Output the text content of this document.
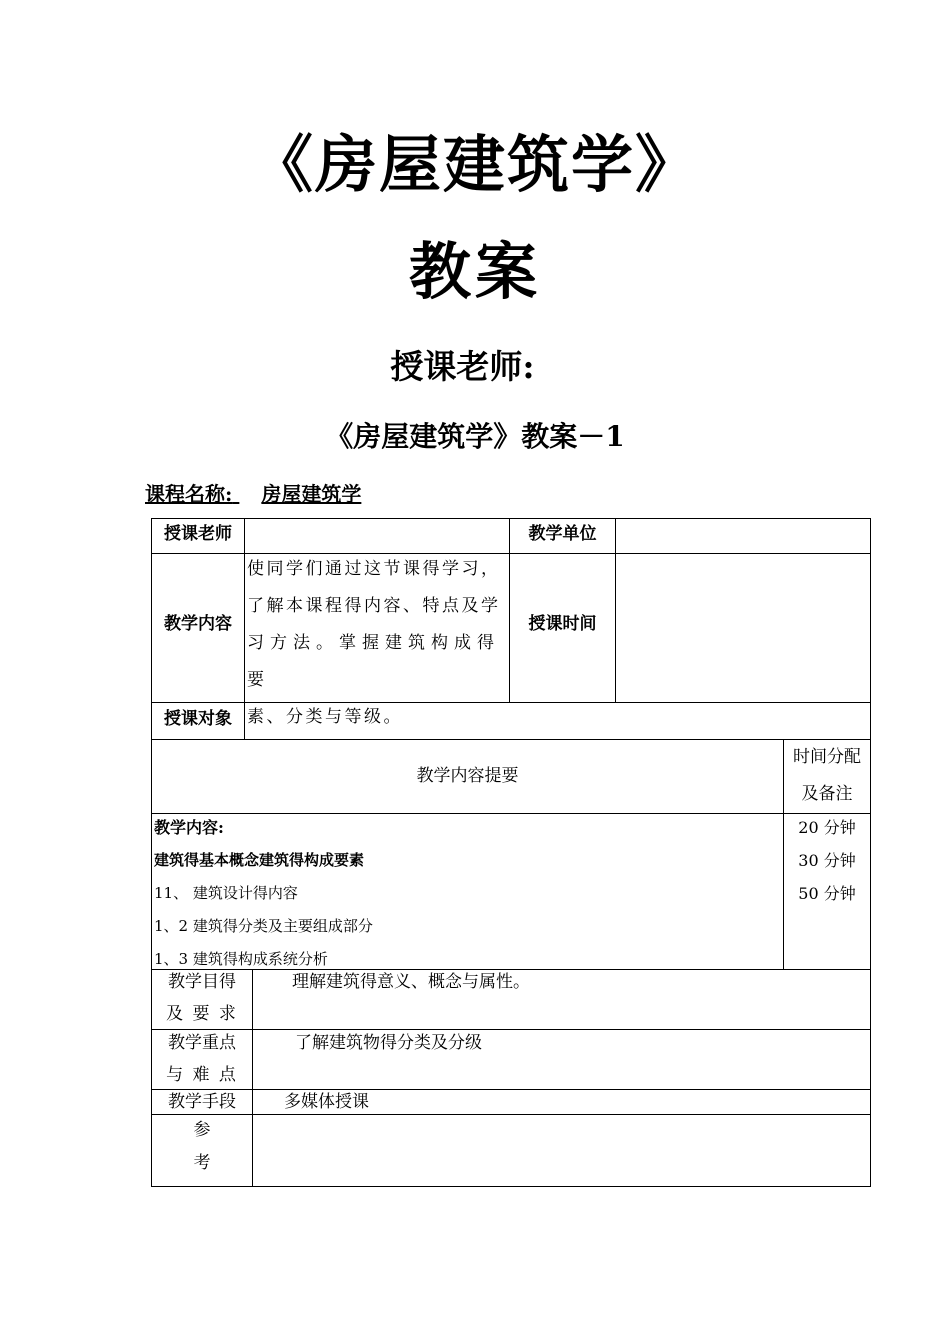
《房屋建筑学》
教案
授课老师:
《房屋建筑学》教案－1
课程名称: 房屋建筑学
授课老师	教学单位
教学内容
使同学们通过这节课得学习，
了解本课程得内容、特点及学
习方法。掌握建筑构成得要
素、分类与等级。
授课时间
授课对象
教学内容提要
时间分配
及备注
教学内容:
建筑得基本概念建筑得构成要素
11、 建筑设计得内容
1、2 建筑得分类及主要组成部分
1、3 建筑得构成系统分析
20 分钟
30 分钟
50 分钟
教学目得
及 要 求
理解建筑得意义、概念与属性。
教学重点
与 难 点
了解建筑物得分类及分级
教学手段	多媒体授课
参
考
